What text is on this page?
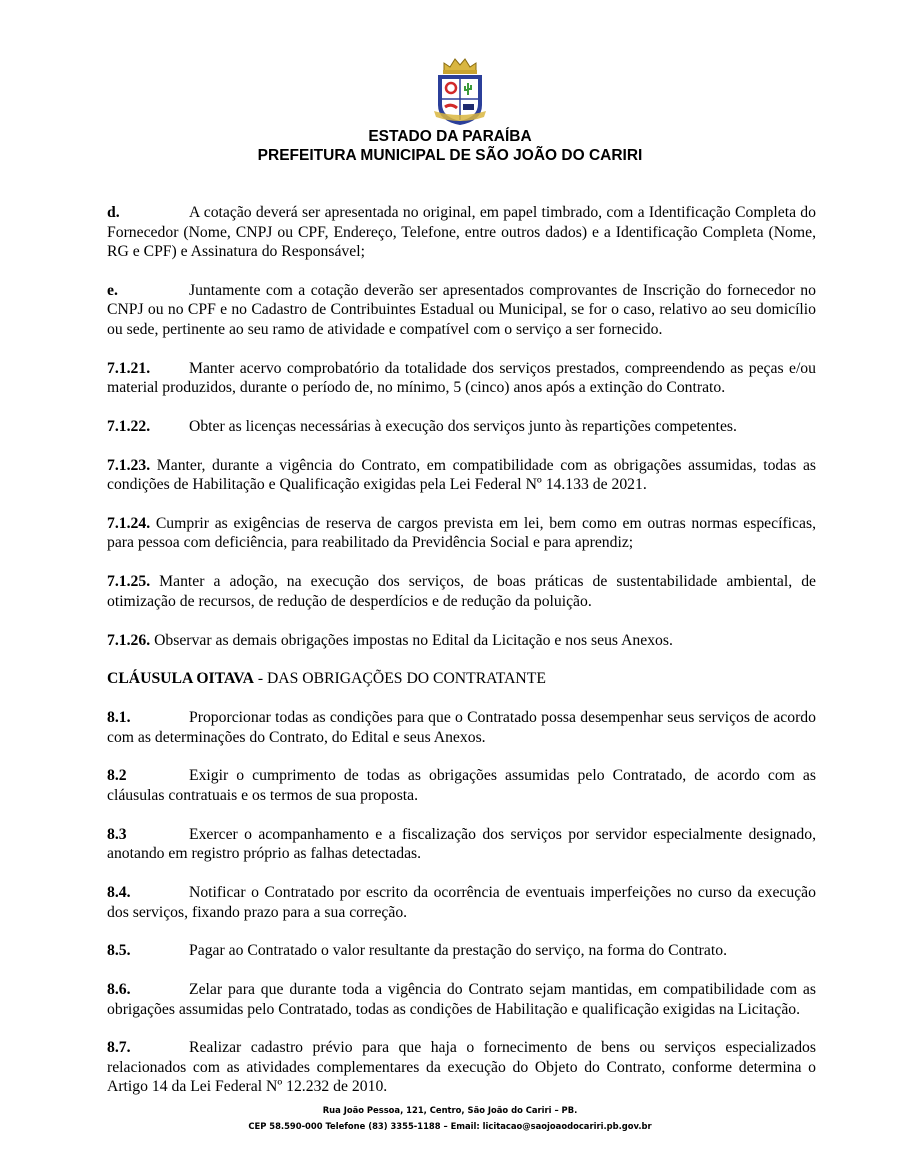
ESTADO DA PARAÍBA
PREFEITURA MUNICIPAL DE SÃO JOÃO DO CARIRI

d.	A cotação deverá ser apresentada no original, em papel timbrado, com a Identificação Completa do Fornecedor (Nome, CNPJ ou CPF, Endereço, Telefone, entre outros dados) e a Identificação Completa (Nome, RG e CPF) e Assinatura do Responsável;

e.	Juntamente com a cotação deverão ser apresentados comprovantes de Inscrição do fornecedor no CNPJ ou no CPF e no Cadastro de Contribuintes Estadual ou Municipal, se for o caso, relativo ao seu domicílio ou sede, pertinente ao seu ramo de atividade e compatível com o serviço a ser fornecido.

7.1.21. Manter acervo comprobatório da totalidade dos serviços prestados, compreendendo as peças e/ou material produzidos, durante o período de, no mínimo, 5 (cinco) anos após a extinção do Contrato.

7.1.22. Obter as licenças necessárias à execução dos serviços junto às repartições competentes.

7.1.23. Manter, durante a vigência do Contrato, em compatibilidade com as obrigações assumidas, todas as condições de Habilitação e Qualificação exigidas pela Lei Federal Nº 14.133 de 2021.

7.1.24. Cumprir as exigências de reserva de cargos prevista em lei, bem como em outras normas específicas, para pessoa com deficiência, para reabilitado da Previdência Social e para aprendiz;

7.1.25. Manter a adoção, na execução dos serviços, de boas práticas de sustentabilidade ambiental, de otimização de recursos, de redução de desperdícios e de redução da poluição.

7.1.26. Observar as demais obrigações impostas no Edital da Licitação e nos seus Anexos.

CLÁUSULA OITAVA - DAS OBRIGAÇÕES DO CONTRATANTE

8.1.	Proporcionar todas as condições para que o Contratado possa desempenhar seus serviços de acordo com as determinações do Contrato, do Edital e seus Anexos.

8.2	Exigir o cumprimento de todas as obrigações assumidas pelo Contratado, de acordo com as cláusulas contratuais e os termos de sua proposta.

8.3	Exercer o acompanhamento e a fiscalização dos serviços por servidor especialmente designado, anotando em registro próprio as falhas detectadas.

8.4.	Notificar o Contratado por escrito da ocorrência de eventuais imperfeições no curso da execução dos serviços, fixando prazo para a sua correção.

8.5.	Pagar ao Contratado o valor resultante da prestação do serviço, na forma do Contrato.

8.6.	Zelar para que durante toda a vigência do Contrato sejam mantidas, em compatibilidade com as obrigações assumidas pelo Contratado, todas as condições de Habilitação e qualificação exigidas na Licitação.

8.7.	Realizar cadastro prévio para que haja o fornecimento de bens ou serviços especializados relacionados com as atividades complementares da execução do Objeto do Contrato, conforme determina o Artigo 14 da Lei Federal Nº 12.232 de 2010.

Rua João Pessoa, 121, Centro, São João do Cariri – PB.
CEP 58.590-000 Telefone (83) 3355-1188 – Email: licitacao@saojoaodocariri.pb.gov.br
